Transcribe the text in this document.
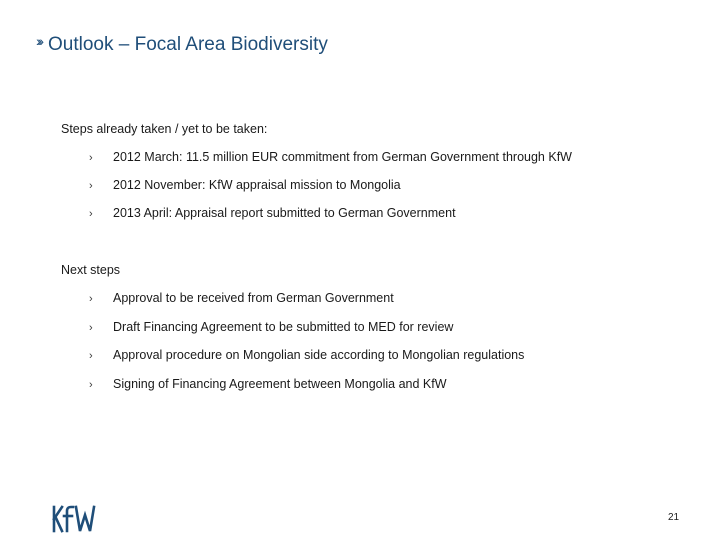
››› Outlook – Focal Area Biodiversity
Steps already taken / yet to be taken:
› 2012 March: 11.5 million EUR commitment from German Government through KfW
› 2012 November: KfW appraisal mission to Mongolia
› 2013 April: Appraisal report submitted to German Government
Next steps
› Approval to be received from German Government
› Draft Financing Agreement to be submitted to MED for review
› Approval procedure on Mongolian side according to Mongolian regulations
› Signing of Financing Agreement between Mongolia and KfW
21
